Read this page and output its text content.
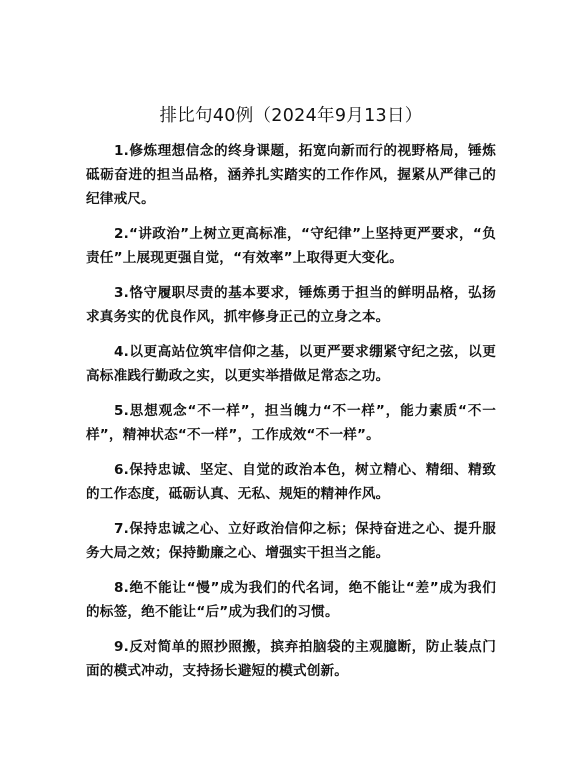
排比句40例（2024年9月13日）

1.修炼理想信念的终身课题，拓宽向新而行的视野格局，锤炼砥砺奋进的担当品格，涵养扎实踏实的工作作风，握紧从严律己的纪律戒尺。

2.“讲政治”上树立更高标准，“守纪律”上坚持更严要求，“负责任”上展现更强自觉，“有效率”上取得更大变化。

3.恪守履职尽责的基本要求，锤炼勇于担当的鲜明品格，弘扬求真务实的优良作风，抓牢修身正己的立身之本。

4.以更高站位筑牢信仰之基，以更严要求绷紧守纪之弦，以更高标准践行勤政之实，以更实举措做足常态之功。

5.思想观念“不一样”，担当魄力“不一样”，能力素质“不一样”，精神状态“不一样”，工作成效“不一样”。

6.保持忠诚、坚定、自觉的政治本色，树立精心、精细、精致的工作态度，砥砺认真、无私、规矩的精神作风。

7.保持忠诚之心、立好政治信仰之标；保持奋进之心、提升服务大局之效；保持勤廉之心、增强实干担当之能。

8.绝不能让“慢”成为我们的代名词，绝不能让“差”成为我们的标签，绝不能让“后”成为我们的习惯。

9.反对简单的照抄照搬，摈弃拍脑袋的主观臆断，防止装点门面的模式冲动，支持扬长避短的模式创新。
